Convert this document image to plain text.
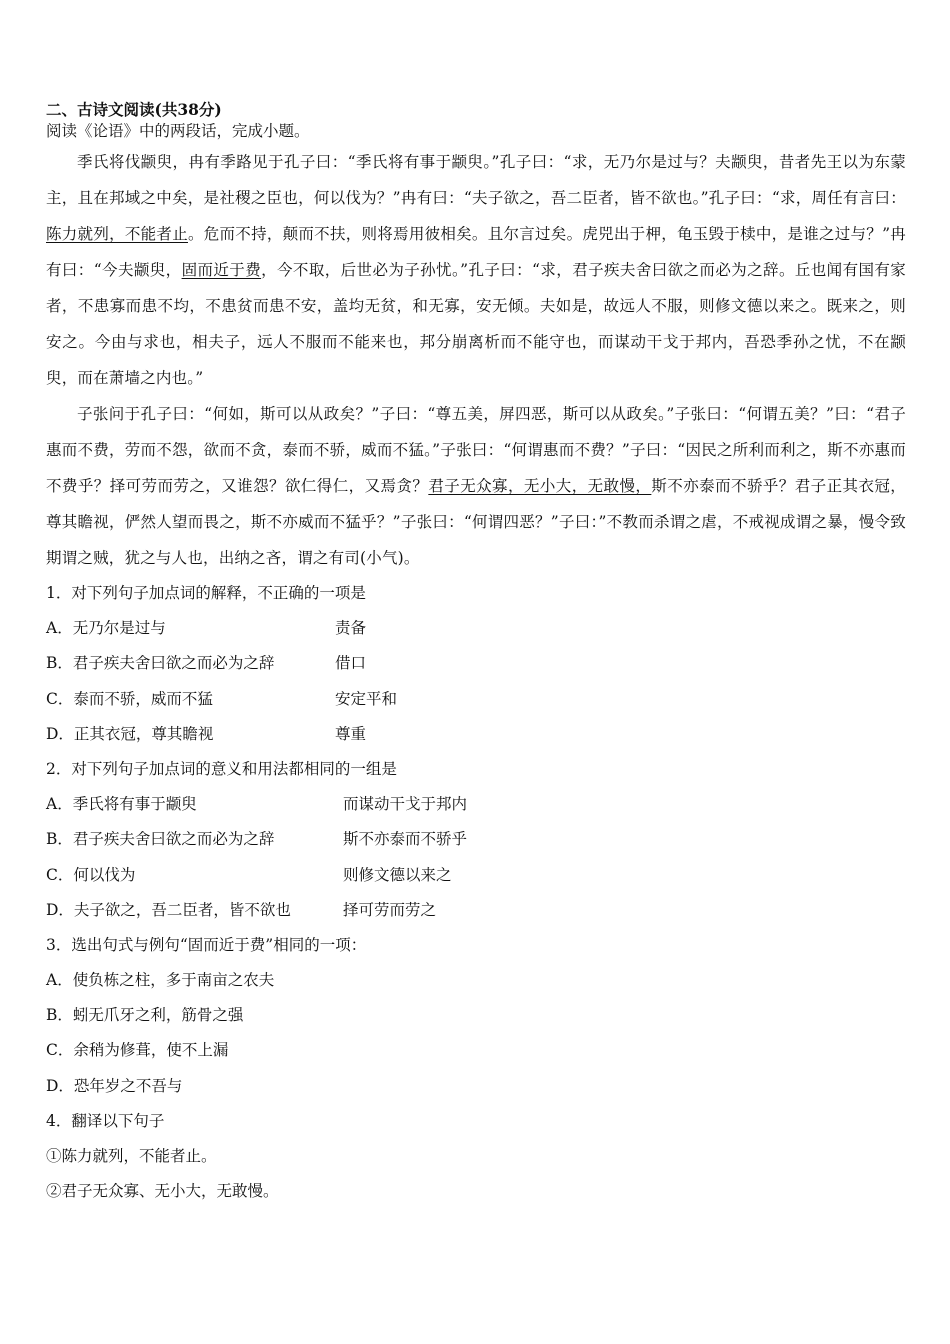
二、古诗文阅读(共38分)
阅读《论语》中的两段话，完成小题。
季氏将伐颛臾，冉有季路见于孔子曰：“季氏将有事于颛臾。”孔子曰：“求，无乃尔是过与？夫颛臾，昔者先王以为东蒙主，且在邦域之中矣，是社稷之臣也，何以伐为？”冉有曰：“夫子欲之，吾二臣者，皆不欲也。”孔子曰：“求，周任有言曰：陈力就列，不能者止。危而不持，颠而不扶，则将焉用彼相矣。且尔言过矣。虎兕出于柙，龟玉毁于椟中，是谁之过与？”冉有曰：“今夫颛臾，固而近于费，今不取，后世必为子孙忧。”孔子曰：“求，君子疾夫舍曰欲之而必为之辞。丘也闻有国有家者，不患寡而患不均，不患贫而患不安，盖均无贫，和无寡，安无倾。夫如是，故远人不服，则修文德以来之。既来之，则安之。今由与求也，相夫子，远人不服而不能来也，邦分崩离析而不能守也，而谋动干戈于邦内，吾恐季孙之忧，不在颛臾，而在萧墙之内也。”
子张问于孔子曰：“何如，斯可以从政矣？”子曰：“尊五美，屏四恶，斯可以从政矣。”子张曰：“何谓五美？”曰：“君子惠而不费，劳而不怨，欲而不贪，泰而不骄，威而不猛。”子张曰：“何谓惠而不费？”子曰：“因民之所利而利之，斯不亦惠而不费乎？择可劳而劳之，又谁怨？欲仁得仁，又焉贪？君子无众寡，无小大，无敢慢，斯不亦泰而不骄乎？君子正其衣冠，尊其瞻视，俨然人望而畏之，斯不亦威而不猛乎？”子张曰：“何谓四恶？”子曰：”不教而杀谓之虐，不戒视成谓之暴，慢令致期谓之贼，犹之与人也，出纳之吝，谓之有司(小气)。
1．对下列句子加点词的解释，不正确的一项是
A．无乃尔是过与	责备
B．君子疾夫舍曰欲之而必为之辞	借口
C．泰而不骄，威而不猛	安定平和
D．正其衣冠，尊其瞻视	尊重
2．对下列句子加点词的意义和用法都相同的一组是
A．季氏将有事于颛臾	而谋动干戈于邦内
B．君子疾夫舍曰欲之而必为之辞	斯不亦泰而不骄乎
C．何以伐为	则修文德以来之
D．夫子欲之，吾二臣者，皆不欲也	择可劳而劳之
3．选出句式与例句“固而近于费”相同的一项：
A．使负栋之柱，多于南亩之农夫
B．蚓无爪牙之利，筋骨之强
C．余稍为修葺，使不上漏
D．恐年岁之不吾与
4．翻译以下句子
①陈力就列，不能者止。
②君子无众寡、无小大，无敢慢。
